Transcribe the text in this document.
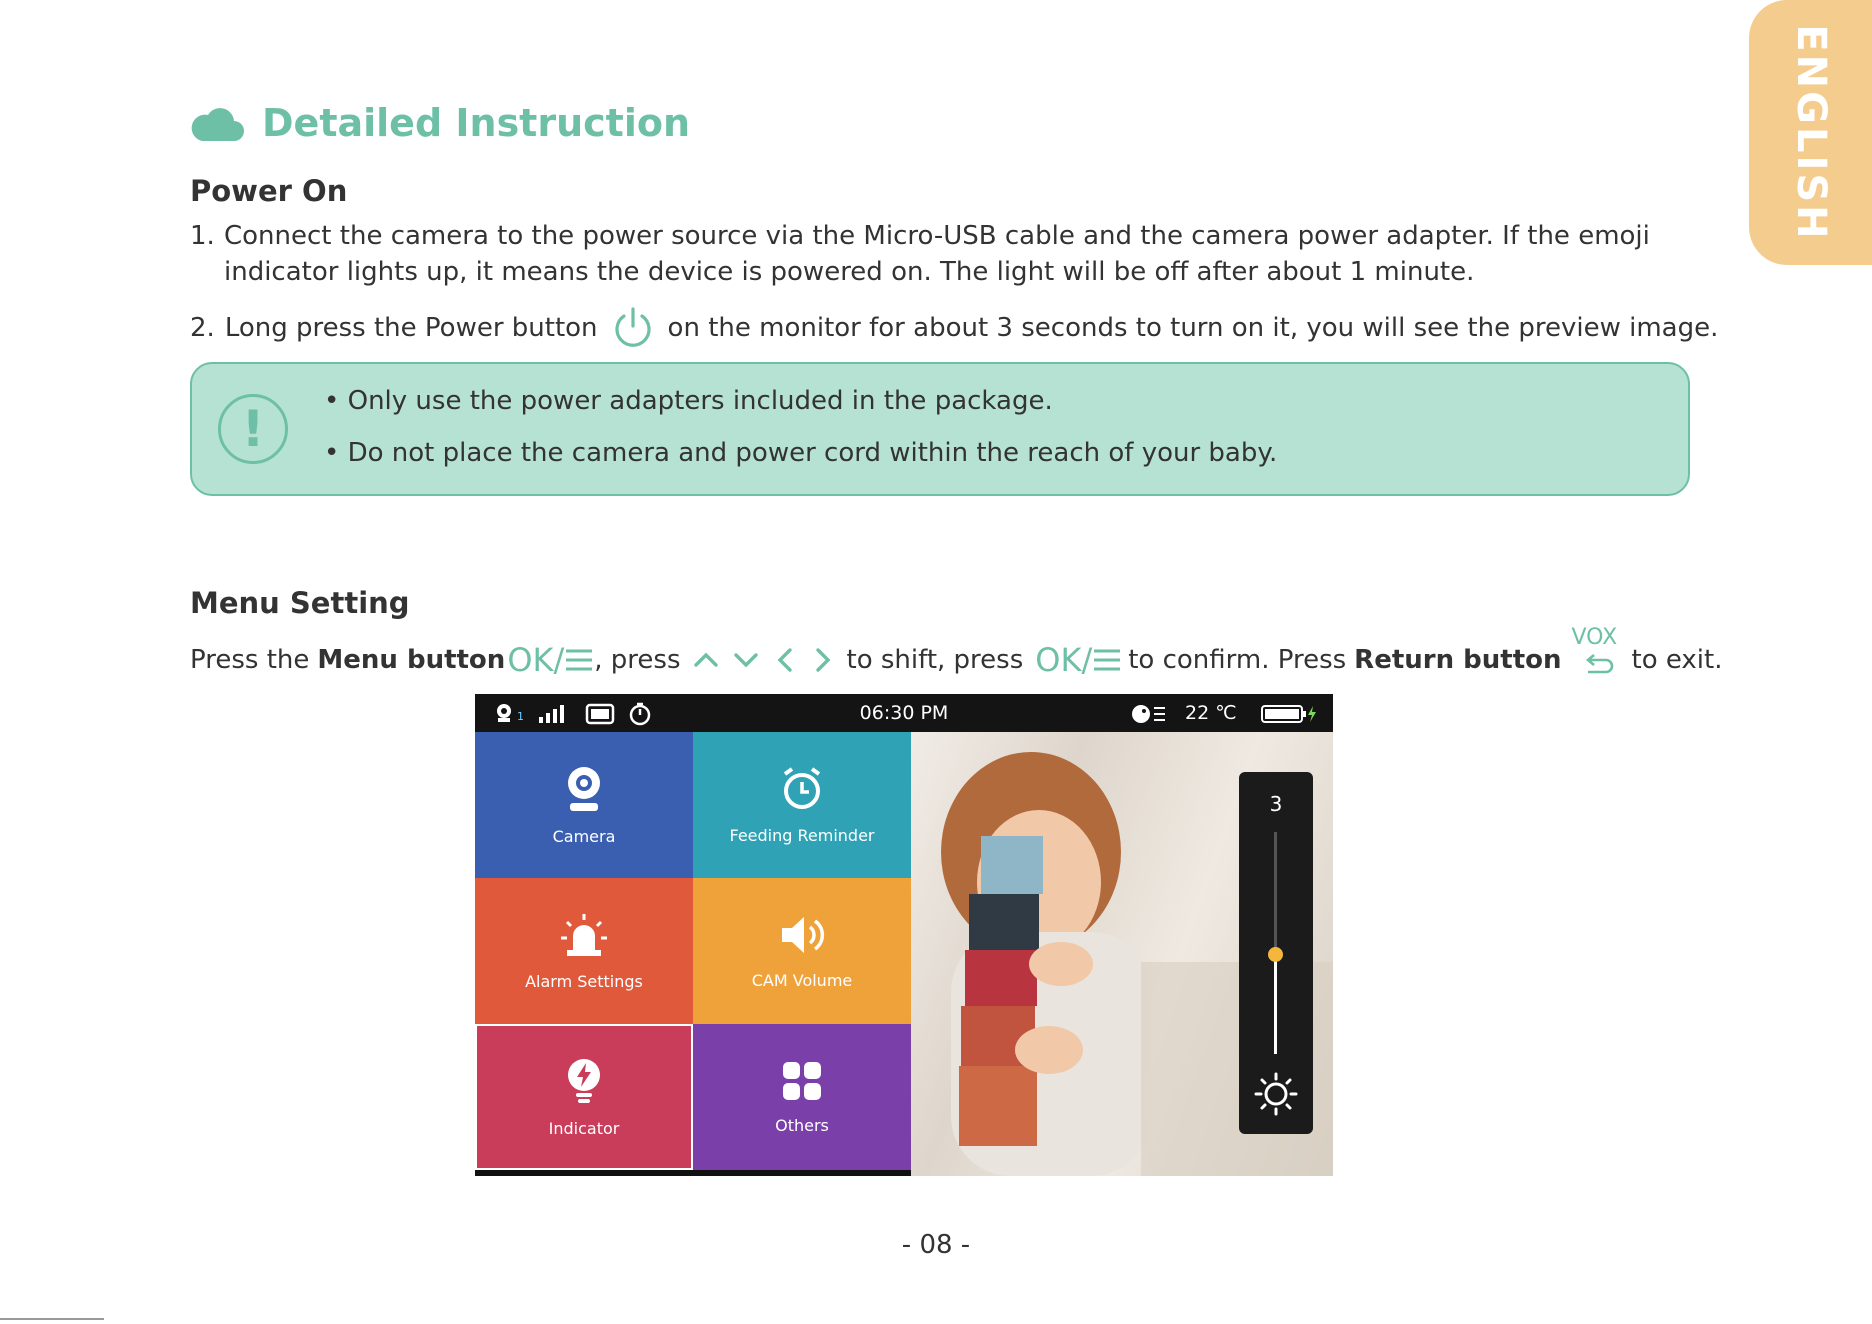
ENGLISH
Detailed Instruction
Power On
1. Connect the camera to the power source via the Micro-USB cable and the camera power adapter. If the emoji
indicator lights up, it means the device is powered on. The light will be off after about 1 minute.
2. Long press the Power button	on the monitor for about 3 seconds to turn on it, you will see the preview image.
!	• Only use the power adapters included in the package.
• Do not place the camera and power cord within the reach of your baby.
Menu Setting
Press the Menu button OK / , press	to shift, press OK / to confirm. Press Return button
VOX
to exit.
1	06:30 PM	22 ℃
Camera	Feeding Reminder
Alarm Settings	CAM Volume
Indicator	Others
3
- 08 -
